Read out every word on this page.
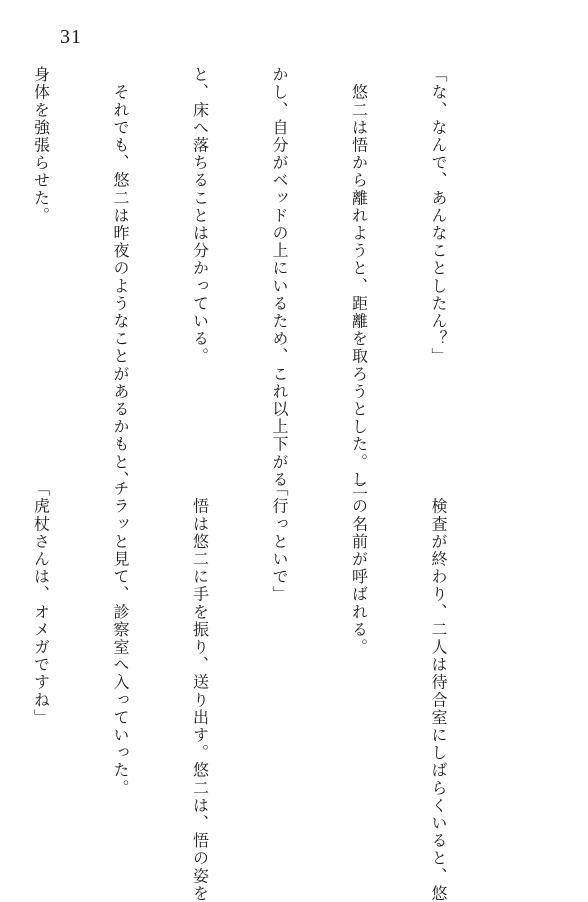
31

「な、なんで、あんなことしたん？」

　悠二は悟から離れようと、距離を取ろうとした。し

かし、自分がベッドの上にいるため、これ以上下がる

と、床へ落ちることは分かっている。

　それでも、悠二は昨夜のようなことがあるかもと、

身体を強張らせた。

　検査が終わり、二人は待合室にしばらくいると、悠

二の名前が呼ばれる。

「行っといで」

　悟は悠二に手を振り、送り出す。悠二は、悟の姿を

チラッと見て、診察室へ入っていった。

「虎杖さんは、オメガですね」
